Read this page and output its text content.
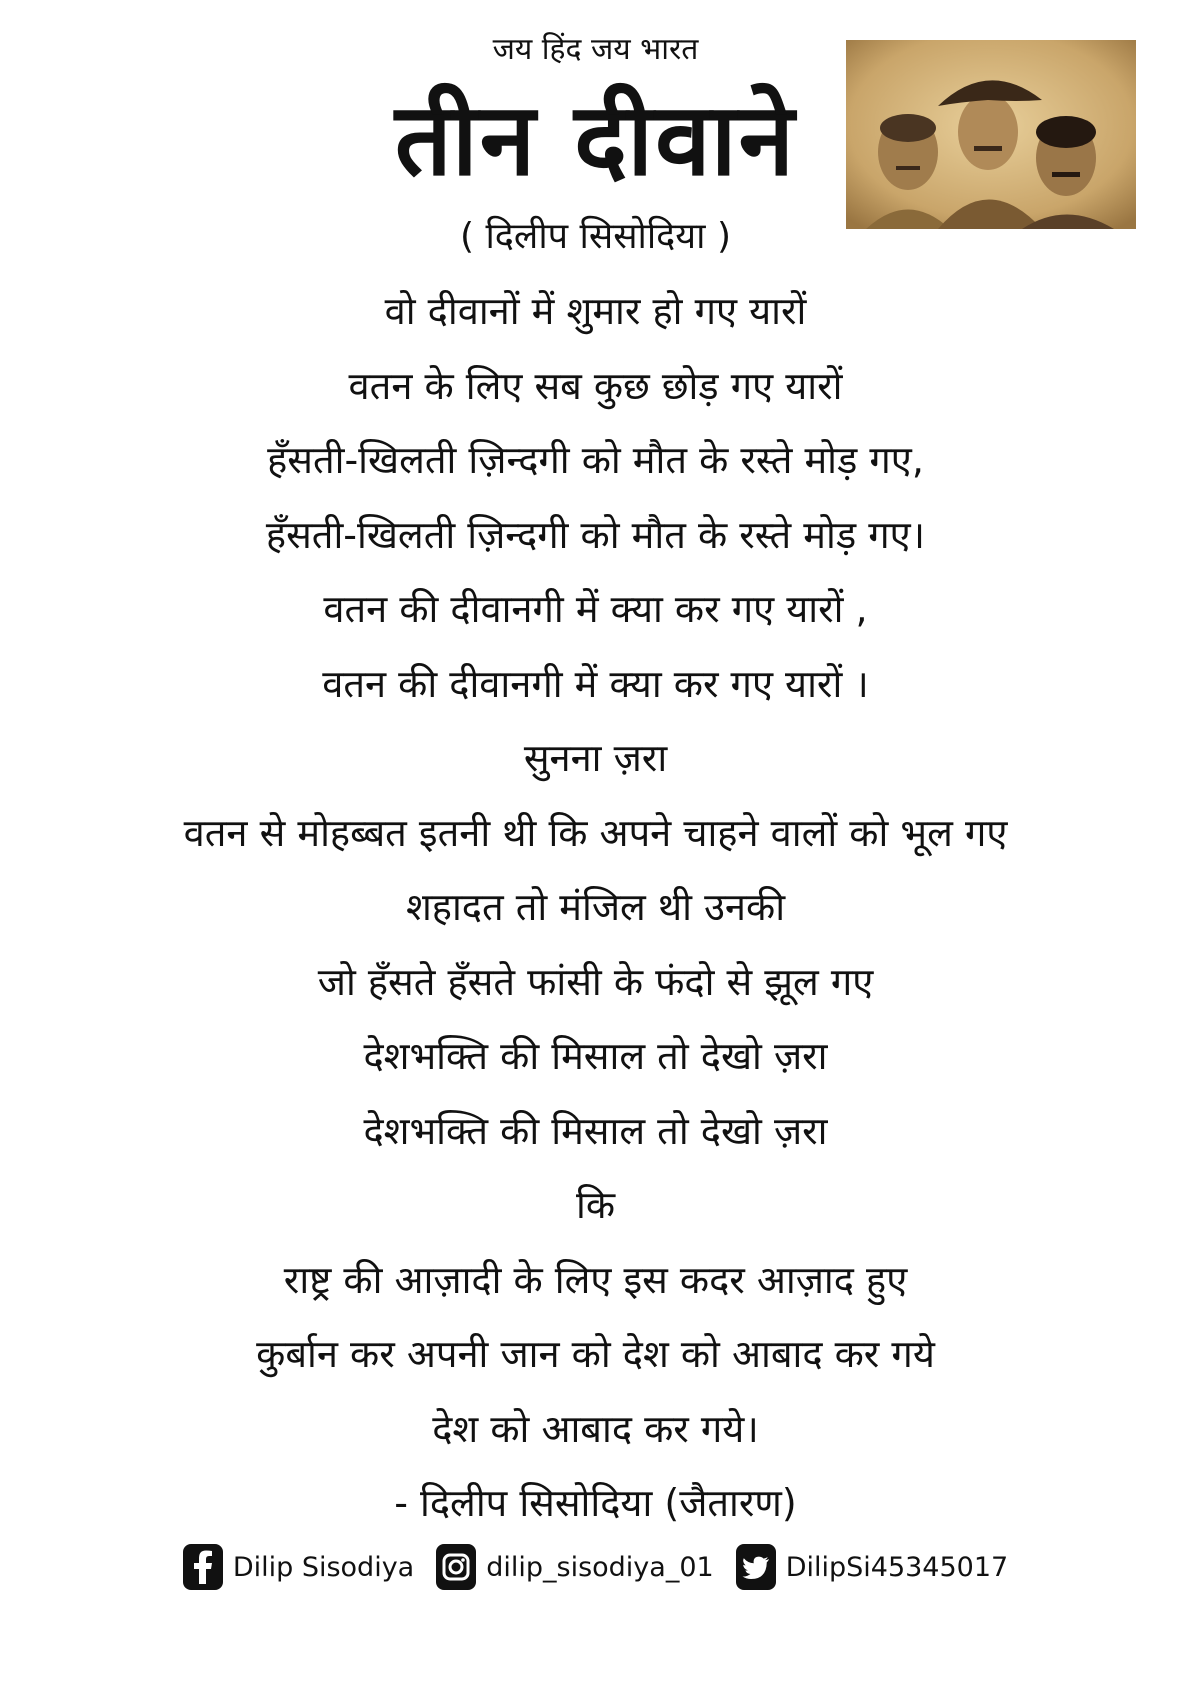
जय हिंद जय भारत
तीन दीवाने
( दिलीप सिसोदिया )
वो दीवानों में शुमार हो गए यारों
वतन के लिए सब कुछ छोड़ गए यारों
हँसती-खिलती ज़िन्दगी को मौत के रस्ते मोड़ गए,
हँसती-खिलती ज़िन्दगी को मौत के रस्ते मोड़ गए।
वतन की दीवानगी में क्या कर गए यारों ,
वतन की दीवानगी में क्या कर गए यारों ।
सुनना ज़रा
वतन से मोहब्बत इतनी थी कि अपने चाहने वालों को भूल गए
शहादत तो मंजिल थी उनकी
जो हँसते हँसते फांसी के फंदो से झूल गए
देशभक्ति की मिसाल तो देखो ज़रा
देशभक्ति की मिसाल तो देखो ज़रा
कि
राष्ट्र की आज़ादी के लिए इस कदर आज़ाद हुए
कुर्बान कर अपनी जान को देश को आबाद कर गये
देश को आबाद कर गये।
- दिलीप सिसोदिया (जैतारण)
Dilip Sisodiya	dilip_sisodiya_01	DilipSi45345017
